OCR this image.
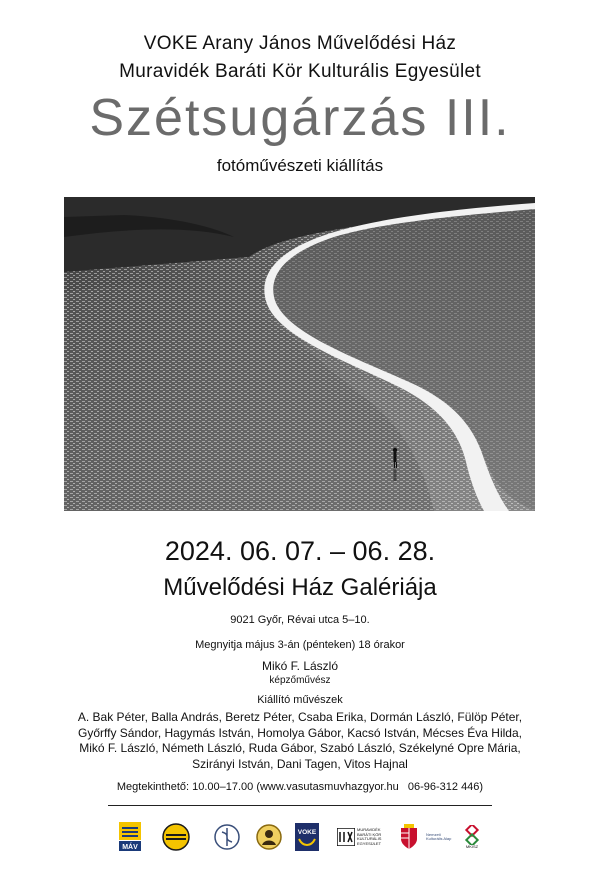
VOKE Arany János Művelődési Ház
Muravidék Baráti Kör Kulturális Egyesület
Szétsugárzás III.
fotóművészeti kiállítás
2024. 06. 07. – 06. 28.
Művelődési Ház Galériája
9021 Győr, Révai utca 5–10.
Megnyitja május 3-án (pénteken) 18 órakor
Mikó F. László
képzőművész
Kiállító művészek
A. Bak Péter, Balla András, Beretz Péter, Csaba Erika, Dormán László, Fülöp Péter,
Győrffy Sándor, Hagymás István, Homolya Gábor, Kacsó István, Mécses Éva Hilda,
Mikó F. László, Németh László, Ruda Gábor, Szabó László, Székelyné Opre Mária,
Szirányi István, Dani Tagen, Vitos Hajnal
Megtekinthető: 10.00–17.00 (www.vasutasmuvhazgyor.hu 06-96-312 446)
MÁV
VOKE	MURAVIDÉK BARÁTI KÖR KULTURÁLIS EGYESÜLET
Nemzeti Kulturális Alap
MKISZ
